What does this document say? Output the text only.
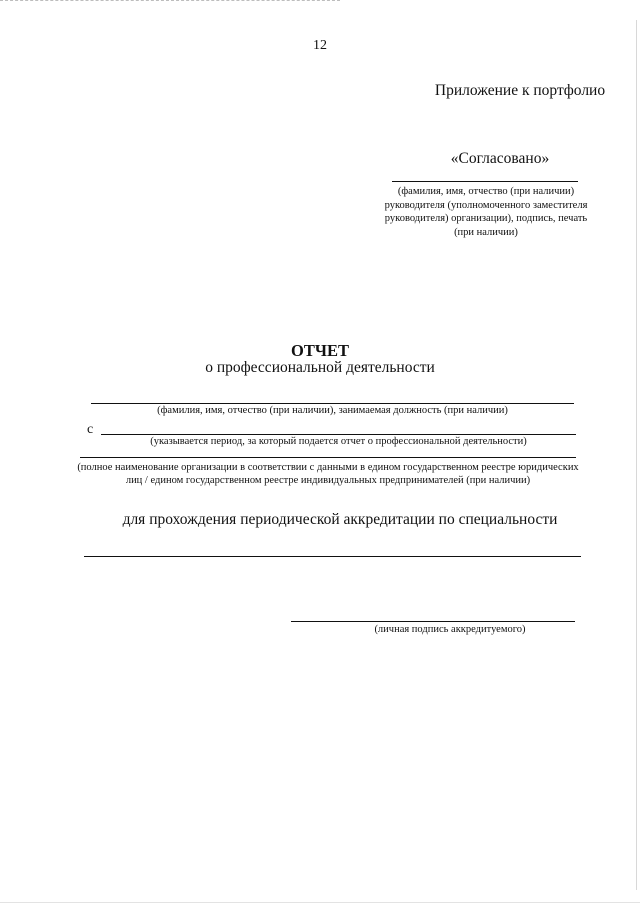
12
Приложение к портфолио
«Согласовано»
(фамилия, имя, отчество (при наличии)
руководителя (уполномоченного заместителя
руководителя) организации), подпись, печать
(при наличии)
ОТЧЕТ
о профессиональной деятельности
(фамилия, имя, отчество (при наличии), занимаемая должность (при наличии)
с
(указывается период, за который подается отчет о профессиональной деятельности)
(полное наименование организации в соответствии с данными в едином государственном реестре юридических
лиц / едином государственном реестре индивидуальных предпринимателей (при наличии)
для прохождения периодической аккредитации по специальности
(личная подпись аккредитуемого)
